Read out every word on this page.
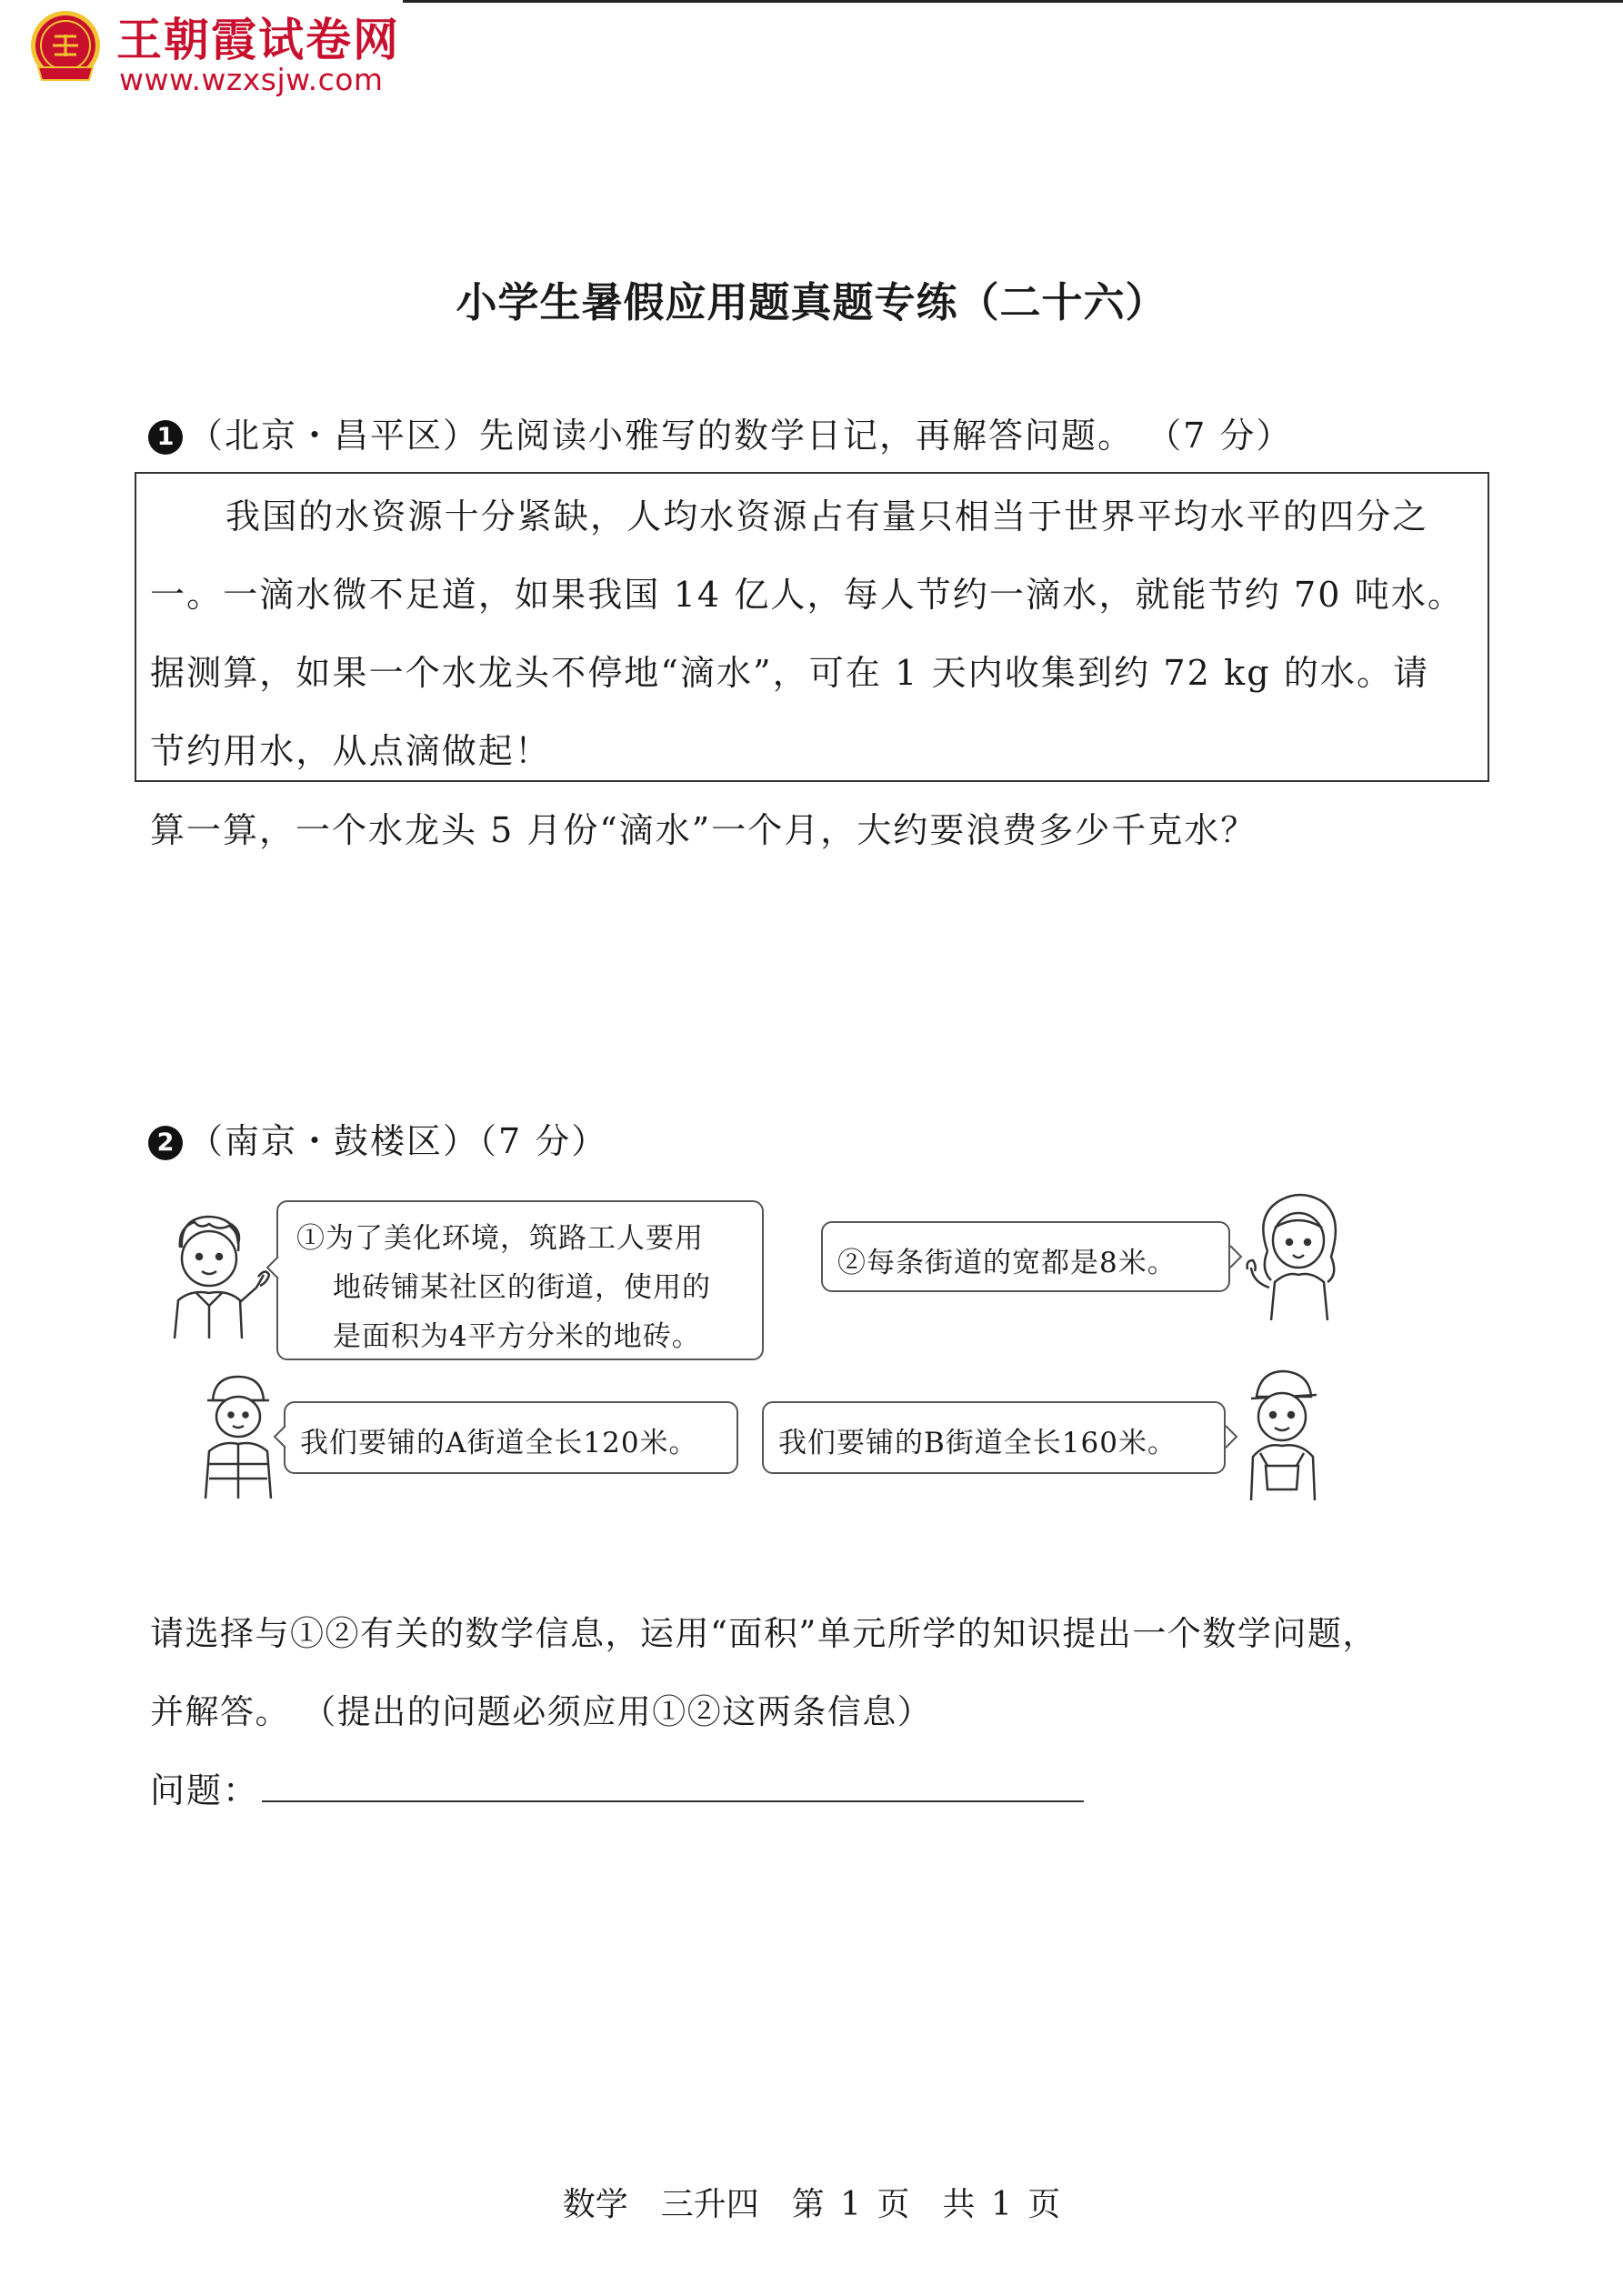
王朝霞试卷网
www.wzxsjw.com
小学生暑假应用题真题专练（二十六）
1 （北京・昌平区）先阅读小雅写的数学日记，再解答问题。 （7 分）
我国的水资源十分紧缺，人均水资源占有量只相当于世界平均水平的四分之
一。一滴水微不足道，如果我国 14 亿人，每人节约一滴水，就能节约 70 吨水。
据测算，如果一个水龙头不停地“滴水”，可在 1 天内收集到约 72 kg 的水。请
节约用水，从点滴做起！
算一算，一个水龙头 5 月份“滴水”一个月，大约要浪费多少千克水？
2 （南京・鼓楼区）（7 分）
①为了美化环境，筑路工人要用
地砖铺某社区的街道，使用的
是面积为4平方分米的地砖。
②每条街道的宽都是8米。
我们要铺的A街道全长120米。	我们要铺的B街道全长160米。
请选择与①②有关的数学信息，运用“面积”单元所学的知识提出一个数学问题，
并解答。 （提出的问题必须应用①②这两条信息）
问题：
数学　三升四　第 1 页　共 1 页
